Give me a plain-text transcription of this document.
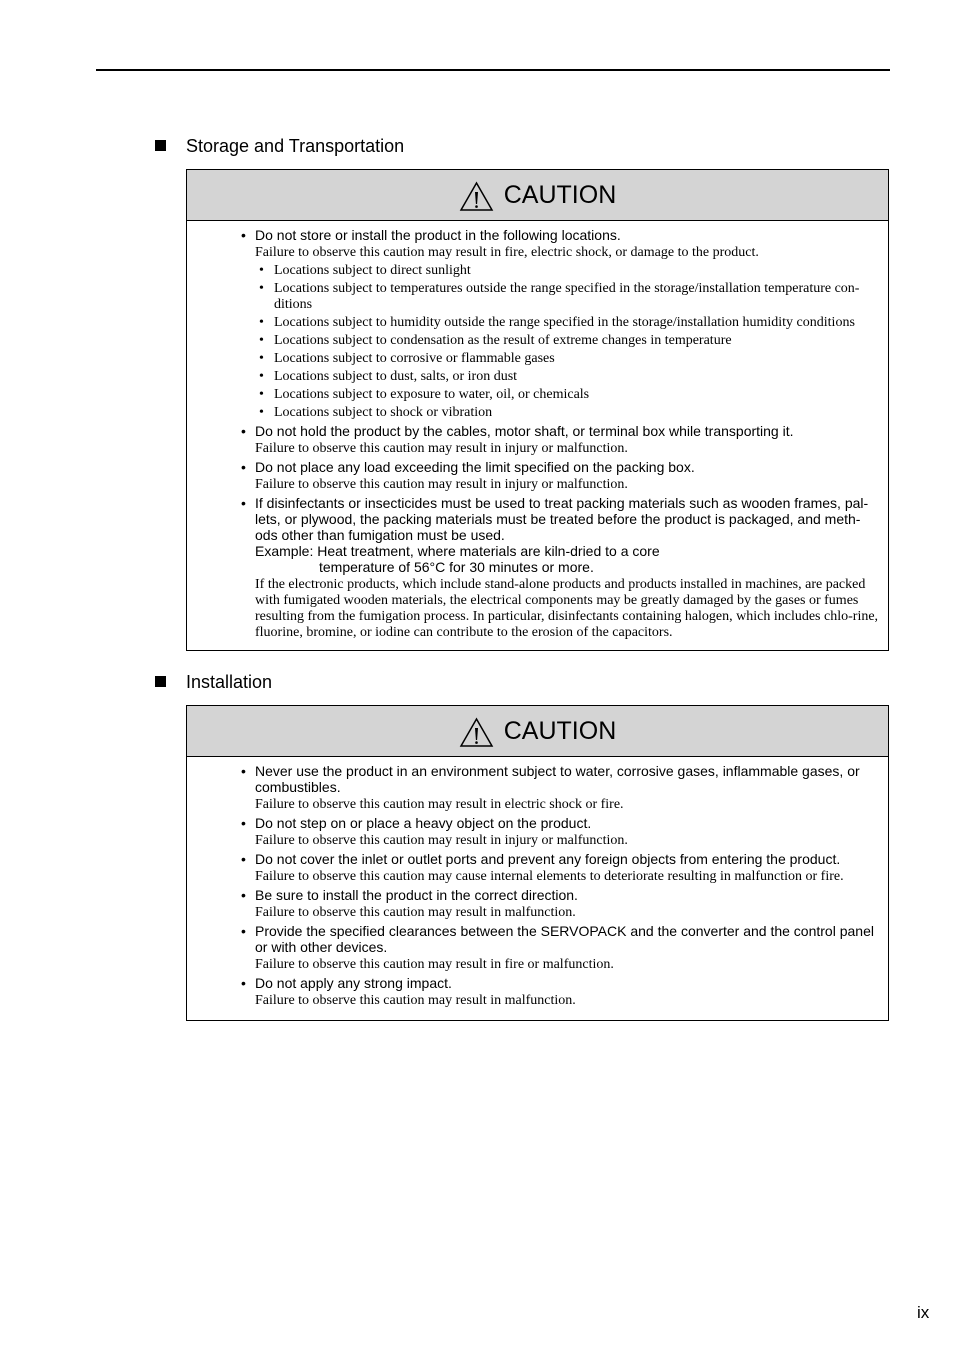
Storage and Transportation
CAUTION
• Do not store or install the product in the following locations.
Failure to observe this caution may result in fire, electric shock, or damage to the product.
• Locations subject to direct sunlight
• Locations subject to temperatures outside the range specified in the storage/installation temperature con-ditions
• Locations subject to humidity outside the range specified in the storage/installation humidity conditions
• Locations subject to condensation as the result of extreme changes in temperature
• Locations subject to corrosive or flammable gases
• Locations subject to dust, salts, or iron dust
• Locations subject to exposure to water, oil, or chemicals
• Locations subject to shock or vibration
• Do not hold the product by the cables, motor shaft, or terminal box while transporting it.
Failure to observe this caution may result in injury or malfunction.
• Do not place any load exceeding the limit specified on the packing box.
Failure to observe this caution may result in injury or malfunction.
• If disinfectants or insecticides must be used to treat packing materials such as wooden frames, pal-lets, or plywood, the packing materials must be treated before the product is packaged, and meth-ods other than fumigation must be used.
Example: Heat treatment, where materials are kiln-dried to a core
temperature of 56°C for 30 minutes or more.
If the electronic products, which include stand-alone products and products installed in machines, are packed with fumigated wooden materials, the electrical components may be greatly damaged by the gases or fumes resulting from the fumigation process. In particular, disinfectants containing halogen, which includes chlo-rine, fluorine, bromine, or iodine can contribute to the erosion of the capacitors.
Installation
CAUTION
• Never use the product in an environment subject to water, corrosive gases, inflammable gases, or combustibles.
Failure to observe this caution may result in electric shock or fire.
• Do not step on or place a heavy object on the product.
Failure to observe this caution may result in injury or malfunction.
• Do not cover the inlet or outlet ports and prevent any foreign objects from entering the product.
Failure to observe this caution may cause internal elements to deteriorate resulting in malfunction or fire.
• Be sure to install the product in the correct direction.
Failure to observe this caution may result in malfunction.
• Provide the specified clearances between the SERVOPACK and the converter and the control panel or with other devices.
Failure to observe this caution may result in fire or malfunction.
• Do not apply any strong impact.
Failure to observe this caution may result in malfunction.
ix
